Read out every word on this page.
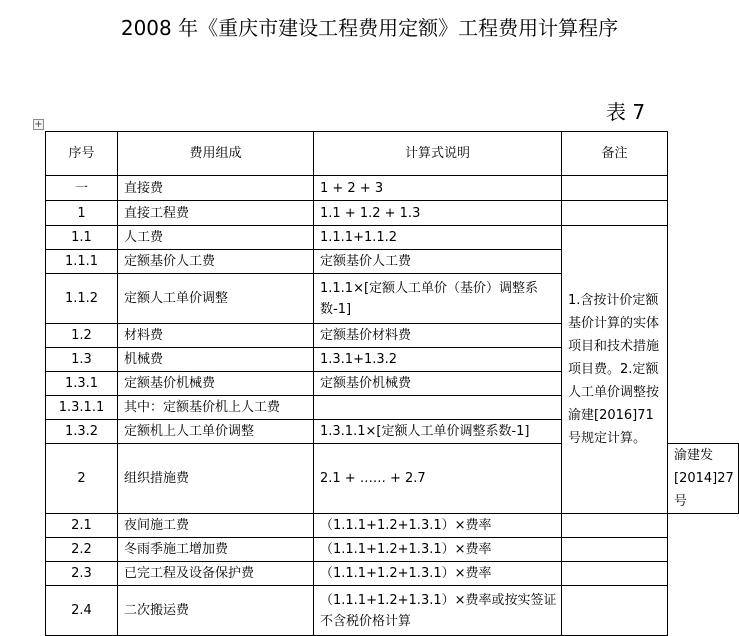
2008 年《重庆市建设工程费用定额》工程费用计算程序
表 7
+
序号	费用组成	计算式说明	备注	
一	直接费	1 + 2 + 3		
1	直接工程费	1.1 + 1.2 + 1.3		
1.1	人工费	1.1.1+1.1.2	1.含按计价定额基价计算的实体项目和技术措施项目费。2.定额人工单价调整按渝建[2016]71 号规定计算。	
1.1.1	定额基价人工费	定额基价人工费		
1.1.2	定额人工单价调整	1.1.1×[定额人工单价（基价）调整系数-1]		
1.2	材料费	定额基价材料费		
1.3	机械费	1.3.1+1.3.2		
1.3.1	定额基价机械费	定额基价机械费		
1.3.1.1	其中：定额基价机上人工费			
1.3.2	定额机上人工单价调整	1.3.1.1×[定额人工单价调整系数-1]		
2	组织措施费	2.1 + …… + 2.7		渝建发[2014]27 号
2.1	夜间施工费	（1.1.1+1.2+1.3.1）×费率		
2.2	冬雨季施工增加费	（1.1.1+1.2+1.3.1）×费率		
2.3	已完工程及设备保护费	（1.1.1+1.2+1.3.1）×费率		
2.4	二次搬运费	（1.1.1+1.2+1.3.1）×费率或按实签证不含税价格计算		
